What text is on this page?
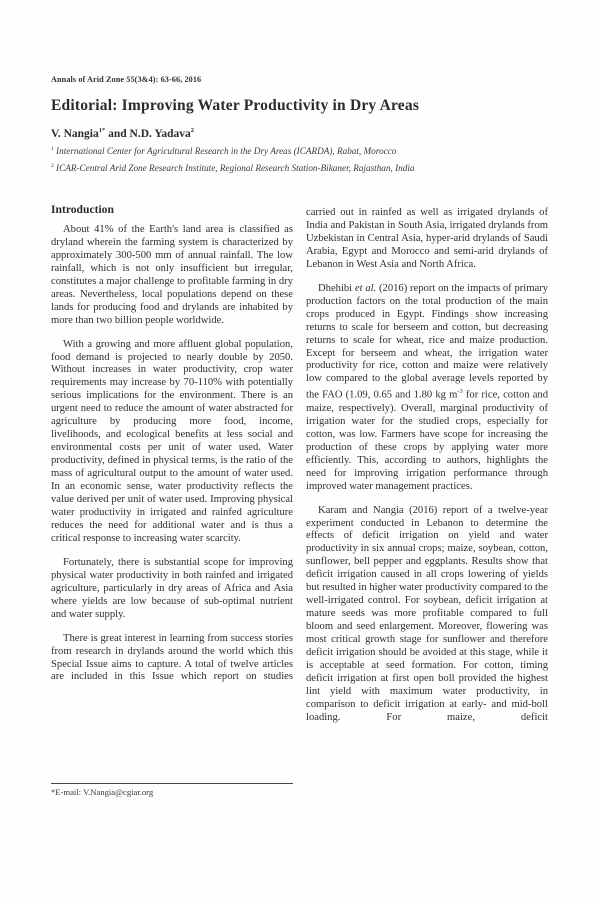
Annals of Arid Zone 55(3&4): 63-66, 2016
Editorial: Improving Water Productivity in Dry Areas
V. Nangia$^{1*}$ and N.D. Yadava$^2$
$^1$ International Center for Agricultural Research in the Dry Areas (ICARDA), Rabat, Morocco
$^2$ ICAR-Central Arid Zone Research Institute, Regional Research Station-Bikaner, Rajasthan, India
Introduction

About 41% of the Earth's land area is classified as dryland wherein the farming system is characterized by approximately 300-500 mm of annual rainfall. The low rainfall, which is not only insufficient but irregular, constitutes a major challenge to profitable farming in dry areas. Nevertheless, local populations depend on these lands for producing food and drylands are inhabited by more than two billion people worldwide.

With a growing and more affluent global population, food demand is projected to nearly double by 2050. Without increases in water productivity, crop water requirements may increase by 70-110% with potentially serious implications for the environment. There is an urgent need to reduce the amount of water abstracted for agriculture by producing more food, income, livelihoods, and ecological benefits at less social and environmental costs per unit of water used. Water productivity, defined in physical terms, is the ratio of the mass of agricultural output to the amount of water used. In an economic sense, water productivity reflects the value derived per unit of water used. Improving physical water productivity in irrigated and rainfed agriculture reduces the need for additional water and is thus a critical response to increasing water scarcity.

Fortunately, there is substantial scope for improving physical water productivity in both rainfed and irrigated agriculture, particularly in dry areas of Africa and Asia where yields are low because of sub-optimal nutrient and water supply.

There is great interest in learning from success stories from research in drylands around the world which this Special Issue aims to capture. A total of twelve articles are included in this Issue which report on studies

*E-mail: V.Nangia@cgiar.org

carried out in rainfed as well as irrigated drylands of India and Pakistan in South Asia, irrigated drylands from Uzbekistan in Central Asia, hyper-arid drylands of Saudi Arabia, Egypt and Morocco and semi-arid drylands of Lebanon in West Asia and North Africa.

Dhehibi et al. (2016) report on the impacts of primary production factors on the total production of the main crops produced in Egypt. Findings show increasing returns to scale for berseem and cotton, but decreasing returns to scale for wheat, rice and maize production. Except for berseem and wheat, the irrigation water productivity for rice, cotton and maize were relatively low compared to the global average levels reported by the FAO (1.09, 0.65 and 1.80 kg $m^{-3}$ for rice, cotton and maize, respectively). Overall, marginal productivity of irrigation water for the studied crops, especially for cotton, was low. Farmers have scope for increasing the production of these crops by applying water more efficiently. This, according to authors, highlights the need for improving irrigation performance through improved water management practices.

Karam and Nangia (2016) report of a twelve-year experiment conducted in Lebanon to determine the effects of deficit irrigation on yield and water productivity in six annual crops; maize, soybean, cotton, sunflower, bell pepper and eggplants. Results show that deficit irrigation caused in all crops lowering of yields but resulted in higher water productivity compared to the well-irrigated control. For soybean, deficit irrigation at mature seeds was more profitable compared to full bloom and seed enlargement. Moreover, flowering was most critical growth stage for sunflower and therefore deficit irrigation should be avoided at this stage, while it is acceptable at seed formation. For cotton, timing deficit irrigation at first open boll provided the highest lint yield with maximum water productivity, in comparison to deficit irrigation at early- and mid-boll loading. For maize, deficit
